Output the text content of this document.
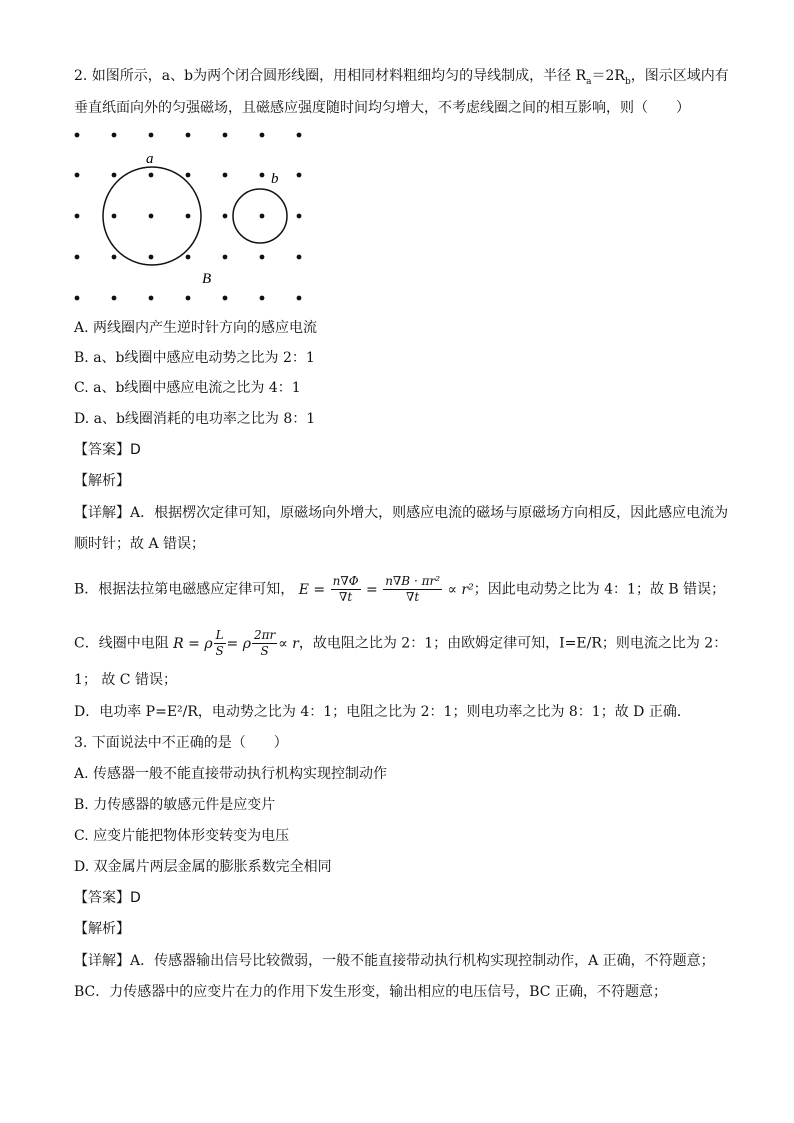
2. 如图所示，a、b为两个闭合圆形线圈，用相同材料粗细均匀的导线制成，半径 $R_a=2R_b$，图示区域内有
垂直纸面向外的匀强磁场，且磁感应强度随时间均匀增大，不考虑线圈之间的相互影响，则（　　）
a
b
B
A. 两线圈内产生逆时针方向的感应电流
B. a、b线圈中感应电动势之比为 2：1
C. a、b线圈中感应电流之比为 4：1
D. a、b线圈消耗的电功率之比为 8：1
【答案】D
【解析】
【详解】A．根据楞次定律可知，原磁场向外增大，则感应电流的磁场与原磁场方向相反，因此感应电流为
顺时针；故 A 错误；
B．根据法拉第电磁感应定律可知， $E = \frac{n\nabla\Phi}{\nabla t} = \frac{\text{n∇B · πr²}}{\nabla t} \propto r^2$；因此电动势之比为 4：1；故 B 错误；
C．线圈中电阻 R = ρ $\frac{L}{S} = \rho \frac{2\pi r}{S} \propto r$，故电阻之比为 2：1；由欧姆定律可知，I=E/R；则电流之比为 2：
1； 故 C 错误；
D．电功率 P=E²/R，电动势之比为 4：1；电阻之比为 2：1；则电功率之比为 8：1；故 D 正确．
3. 下面说法中不正确的是（　　）
A. 传感器一般不能直接带动执行机构实现控制动作
B. 力传感器的敏感元件是应变片
C. 应变片能把物体形变转变为电压
D. 双金属片两层金属的膨胀系数完全相同
【答案】D
【解析】
【详解】A．传感器输出信号比较微弱，一般不能直接带动执行机构实现控制动作，A 正确，不符题意；
BC．力传感器中的应变片在力的作用下发生形变，输出相应的电压信号，BC 正确，不符题意；
